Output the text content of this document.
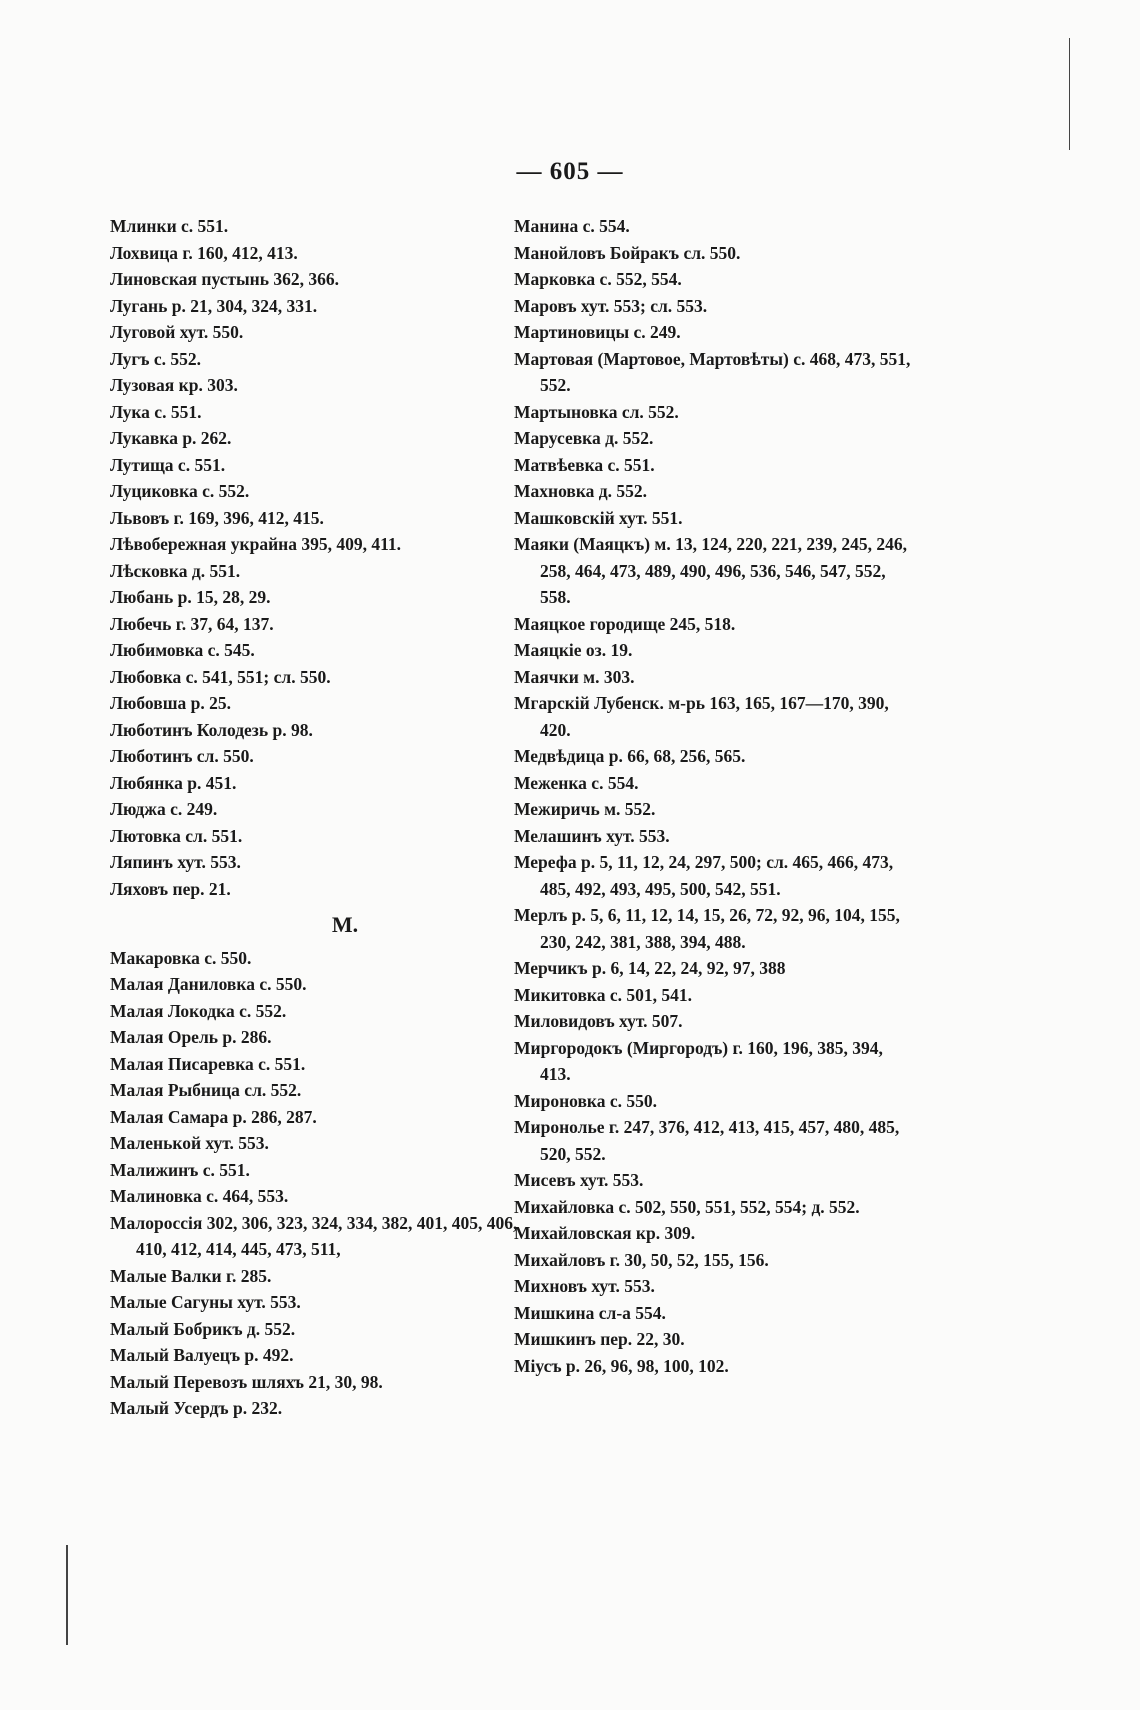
— 605 —
Млинки с. 551.
Лохвица г. 160, 412, 413.
Линовская пустынь 362, 366.
Лугань р. 21, 304, 324, 331.
Луговой хут. 550.
Лугъ с. 552.
Лузовая кр. 303.
Лука с. 551.
Лукавка р. 262.
Лутища с. 551.
Луциковка с. 552.
Львовъ г. 169, 396, 412, 415.
Лѣвобережная украйна 395, 409, 411.
Лѣсковка д. 551.
Любань р. 15, 28, 29.
Любечь г. 37, 64, 137.
Любимовка с. 545.
Любовка с. 541, 551; сл. 550.
Любовша р. 25.
Люботинъ Колодезь р. 98.
Люботинъ сл. 550.
Любянка р. 451.
Люджа с. 249.
Лютовка сл. 551.
Ляпинъ хут. 553.
Ляховъ пер. 21.
М.
Макаровка с. 550.
Малая Даниловка с. 550.
Малая Локодка с. 552.
Малая Орель р. 286.
Малая Писаревка с. 551.
Малая Рыбница сл. 552.
Малая Самара р. 286, 287.
Маленькой хут. 553.
Малижинъ с. 551.
Малиновка с. 464, 553.
Малороссія 302, 306, 323, 324, 334, 382, 401, 405, 406, 410, 412, 414, 445, 473, 511,
Малые Валки г. 285.
Малые Сагуны хут. 553.
Малый Бобрикъ д. 552.
Малый Валуецъ р. 492.
Малый Перевозъ шляхъ 21, 30, 98.
Малый Усердъ р. 232.
Манина с. 554.
Манойловъ Бойракъ сл. 550.
Марковка с. 552, 554.
Маровъ хут. 553; сл. 553.
Мартиновицы с. 249.
Мартовая (Мартовое, Мартовѣты) с. 468, 473, 551, 552.
Мартыновка сл. 552.
Марусевка д. 552.
Матвѣевка с. 551.
Махновка д. 552.
Машковскій хут. 551.
Маяки (Маяцкъ) м. 13, 124, 220, 221, 239, 245, 246, 258, 464, 473, 489, 490, 496, 536, 546, 547, 552, 558.
Маяцкое городище 245, 518.
Маяцкіе оз. 19.
Маячки м. 303.
Мгарскій Лубенск. м-рь 163, 165, 167—170, 390, 420.
Медвѣдица р. 66, 68, 256, 565.
Меженка с. 554.
Межиричь м. 552.
Мелашинъ хут. 553.
Мерефа р. 5, 11, 12, 24, 297, 500; сл. 465, 466, 473, 485, 492, 493, 495, 500, 542, 551.
Мерлъ р. 5, 6, 11, 12, 14, 15, 26, 72, 92, 96, 104, 155, 230, 242, 381, 388, 394, 488.
Мерчикъ р. 6, 14, 22, 24, 92, 97, 388
Микитовка с. 501, 541.
Миловидовъ хут. 507.
Миргородокъ (Миргородъ) г. 160, 196, 385, 394, 413.
Мироновка с. 550.
Миронолье г. 247, 376, 412, 413, 415, 457, 480, 485, 520, 552.
Мисевъ хут. 553.
Михайловка с. 502, 550, 551, 552, 554; д. 552.
Михайловская кр. 309.
Михайловъ г. 30, 50, 52, 155, 156.
Михновъ хут. 553.
Мишкина сл-а 554.
Мишкинъ пер. 22, 30.
Міусъ р. 26, 96, 98, 100, 102.
